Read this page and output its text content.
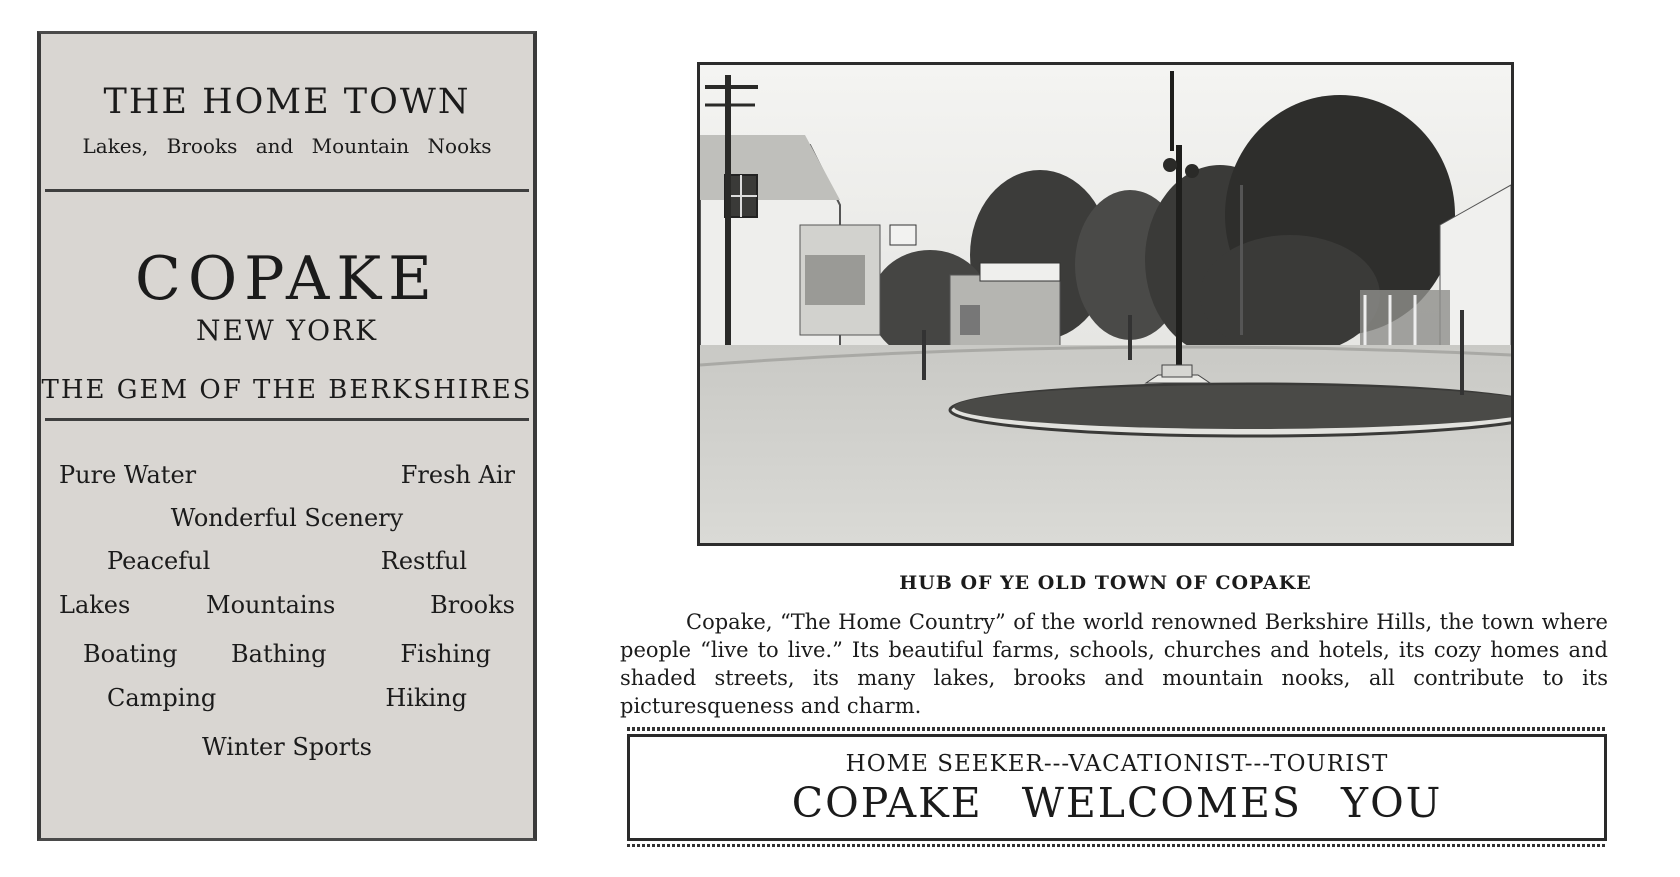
THE HOME TOWN
Lakes, Brooks and Mountain Nooks
COPAKE
NEW YORK
THE GEM OF THE BERKSHIRES
Pure Water	Fresh Air
Wonderful Scenery
Peaceful	Restful
Lakes	Mountains	Brooks
Boating Bathing	Fishing
Camping	Hiking
Winter Sports
HUB OF YE OLD TOWN OF COPAKE
Copake, “The Home Country” of the world renowned Berkshire Hills, the town where people “live to live.” Its beautiful farms, schools, churches and hotels, its cozy homes and shaded streets, its many lakes, brooks and mountain nooks, all contribute to its picturesqueness and charm.
HOME SEEKER---VACATIONIST---TOURIST
COPAKE WELCOMES YOU
